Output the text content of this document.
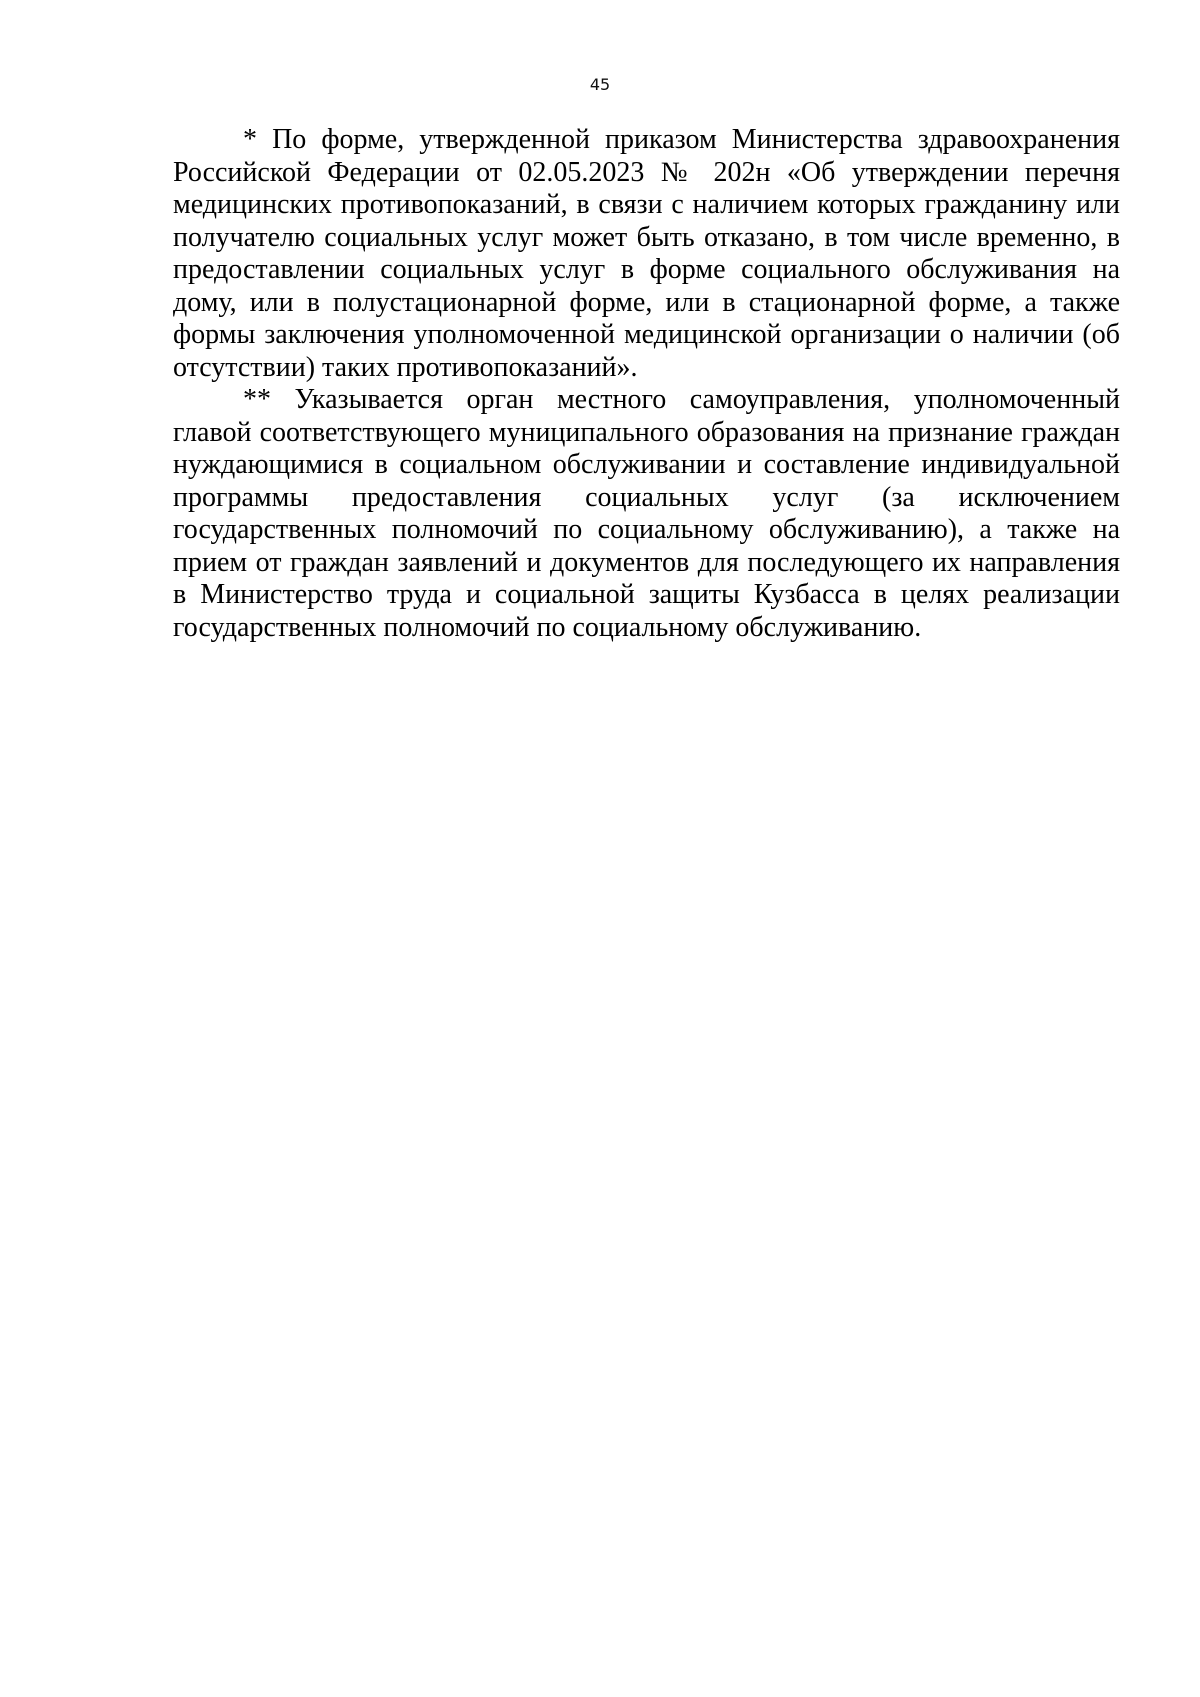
45

* По форме, утвержденной приказом Министерства здравоохранения Российской Федерации от 02.05.2023 № 202н «Об утверждении перечня медицинских противопоказаний, в связи с наличием которых гражданину или получателю социальных услуг может быть отказано, в том числе временно, в предоставлении социальных услуг в форме социального обслуживания на дому, или в полустационарной форме, или в стационарной форме, а также формы заключения уполномоченной медицинской организации о наличии (об отсутствии) таких противопоказаний».

** Указывается орган местного самоуправления, уполномоченный главой соответствующего муниципального образования на признание граждан нуждающимися в социальном обслуживании и составление индивидуальной программы предоставления социальных услуг (за исключением государственных полномочий по социальному обслуживанию), а также на прием от граждан заявлений и документов для последующего их направления в Министерство труда и социальной защиты Кузбасса в целях реализации государственных полномочий по социальному обслуживанию.
